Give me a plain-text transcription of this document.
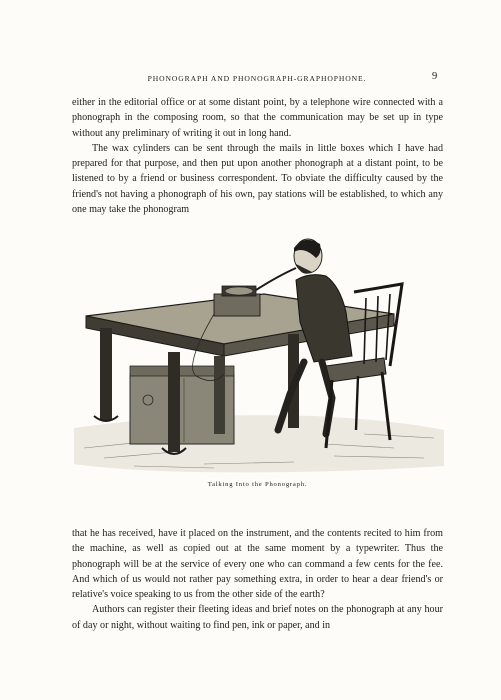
PHONOGRAPH AND PHONOGRAPH-GRAPHOPHONE.	9

either in the editorial office or at some distant point, by a telephone wire connected with a phonograph in the composing room, so that the communication may be set up in type without any preliminary of writing it out in long hand.

The wax cylinders can be sent through the mails in little boxes which I have had prepared for that purpose, and then put upon another phonograph at a distant point, to be listened to by a friend or business correspondent. To obviate the difficulty caused by the friend's not having a phonograph of his own, pay stations will be established, to which any one may take the phonogram

Talking Into the Phonograph.

that he has received, have it placed on the instrument, and the contents recited to him from the machine, as well as copied out at the same moment by a typewriter. Thus the phonograph will be at the service of every one who can command a few cents for the fee. And which of us would not rather pay something extra, in order to hear a dear friend's or relative's voice speaking to us from the other side of the earth?

Authors can register their fleeting ideas and brief notes on the phonograph at any hour of day or night, without waiting to find pen, ink or paper, and in
